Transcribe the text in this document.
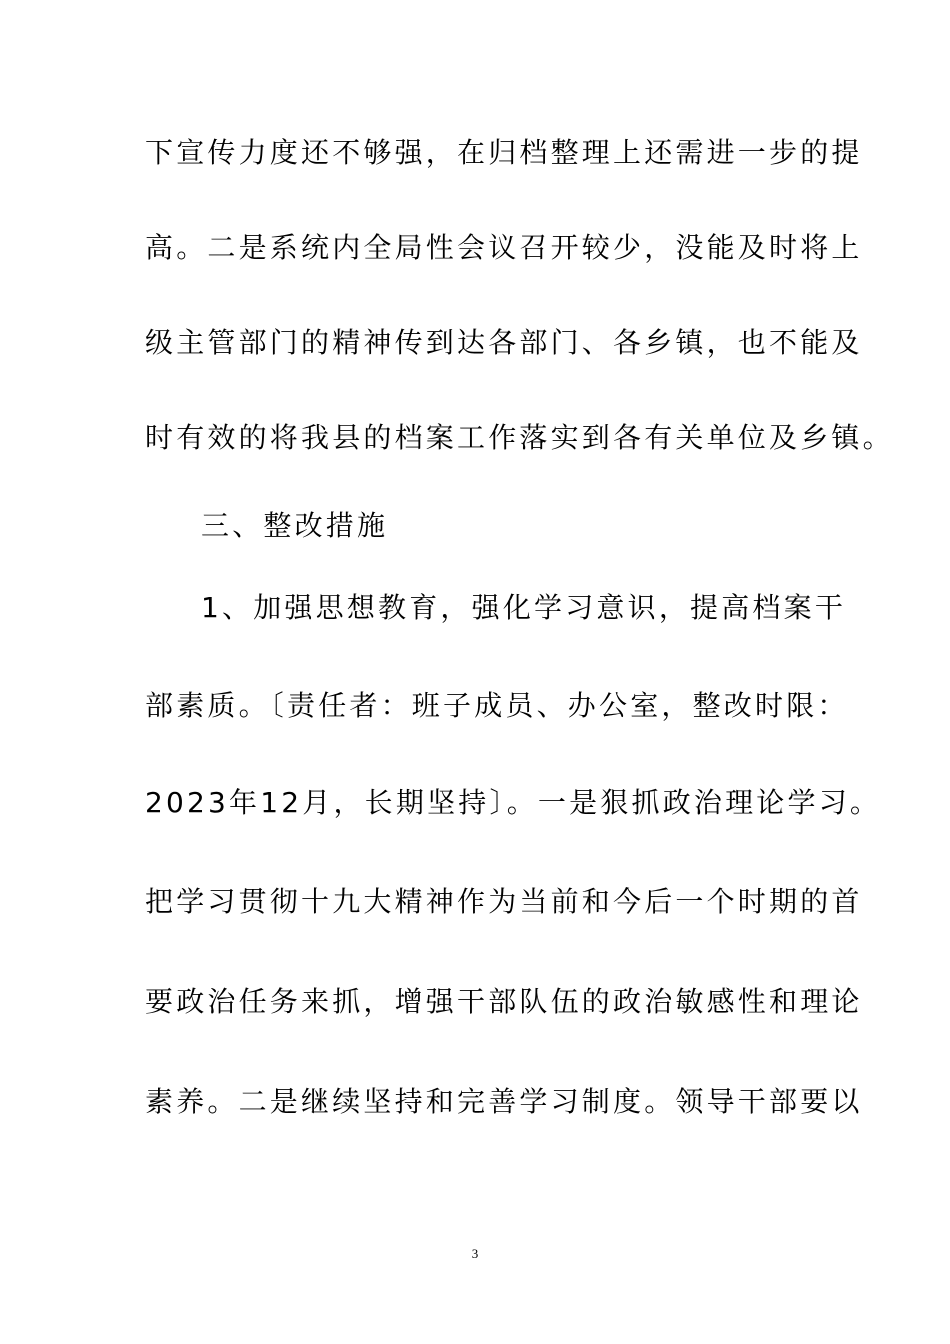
下宣传力度还不够强，在归档整理上还需进一步的提
高。二是系统内全局性会议召开较少，没能及时将上
级主管部门的精神传到达各部门、各乡镇，也不能及
时有效的将我县的档案工作落实到各有关单位及乡镇。
三、整改措施
1、加强思想教育，强化学习意识，提高档案干
部素质。〔责任者：班子成员、办公室，整改时限：
2023年12月，长期坚持〕。一是狠抓政治理论学习。
把学习贯彻十九大精神作为当前和今后一个时期的首
要政治任务来抓，增强干部队伍的政治敏感性和理论
素养。二是继续坚持和完善学习制度。领导干部要以
3
